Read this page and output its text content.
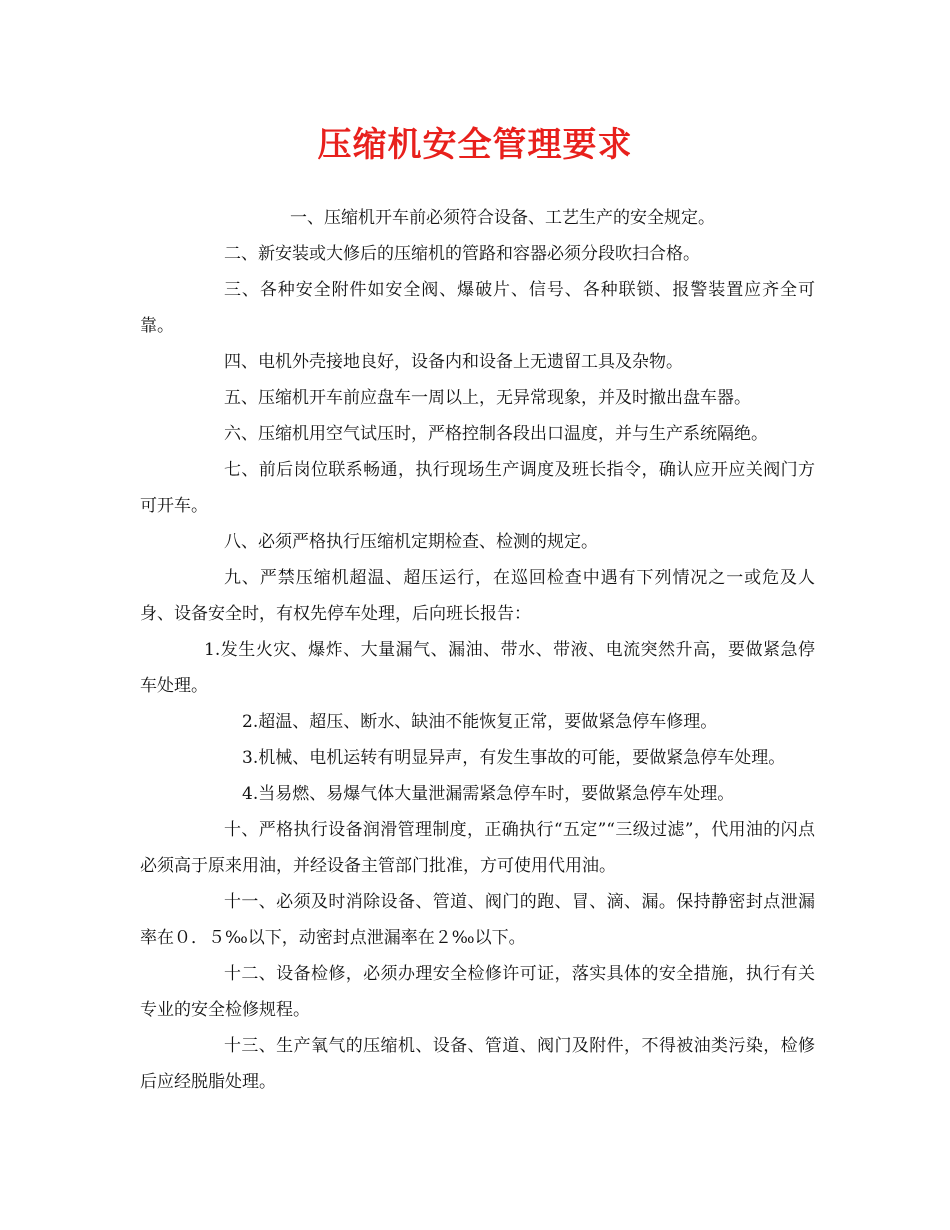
压缩机安全管理要求

一、压缩机开车前必须符合设备、工艺生产的安全规定。

二、新安装或大修后的压缩机的管路和容器必须分段吹扫合格。

三、各种安全附件如安全阀、爆破片、信号、各种联锁、报警装置应齐全可靠。

四、电机外壳接地良好，设备内和设备上无遗留工具及杂物。

五、压缩机开车前应盘车一周以上，无异常现象，并及时撤出盘车器。

六、压缩机用空气试压时，严格控制各段出口温度，并与生产系统隔绝。

七、前后岗位联系畅通，执行现场生产调度及班长指令，确认应开应关阀门方可开车。

八、必须严格执行压缩机定期检查、检测的规定。

九、严禁压缩机超温、超压运行，在巡回检查中遇有下列情况之一或危及人身、设备安全时，有权先停车处理，后向班长报告：

1.发生火灾、爆炸、大量漏气、漏油、带水、带液、电流突然升高，要做紧急停车处理。

2.超温、超压、断水、缺油不能恢复正常，要做紧急停车修理。

3.机械、电机运转有明显异声，有发生事故的可能，要做紧急停车处理。

4.当易燃、易爆气体大量泄漏需紧急停车时，要做紧急停车处理。

十、严格执行设备润滑管理制度，正确执行“五定”“三级过滤”，代用油的闪点必须高于原来用油，并经设备主管部门批准，方可使用代用油。

十一、必须及时消除设备、管道、阀门的跑、冒、滴、漏。保持静密封点泄漏率在０．５‰以下，动密封点泄漏率在２‰以下。

十二、设备检修，必须办理安全检修许可证，落实具体的安全措施，执行有关专业的安全检修规程。

十三、生产氧气的压缩机、设备、管道、阀门及附件，不得被油类污染，检修后应经脱脂处理。
